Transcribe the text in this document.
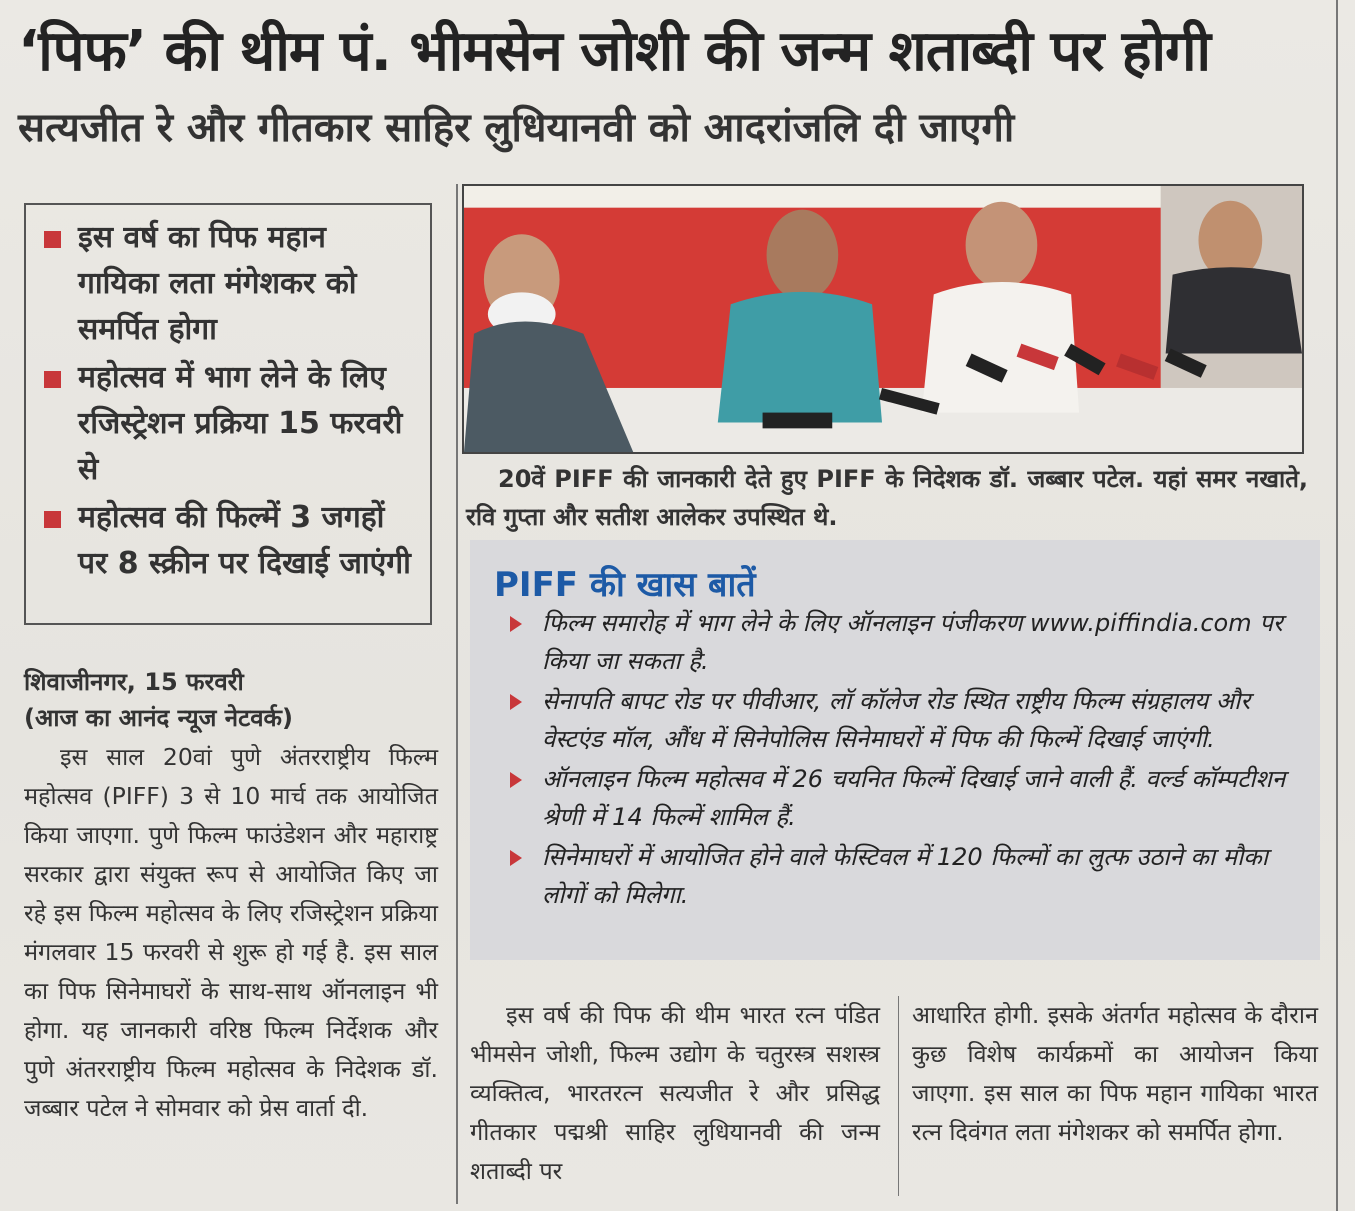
‘पिफ’ की थीम पं. भीमसेन जोशी की जन्म शताब्दी पर होगी
सत्यजीत रे और गीतकार साहिर लुधियानवी को आदरांजलि दी जाएगी
इस वर्ष का पिफ महान गायिका लता मंगेशकर को समर्पित होगा
महोत्सव में भाग लेने के लिए रजिस्ट्रेशन प्रक्रिया 15 फरवरी से
महोत्सव की फिल्में 3 जगहों पर 8 स्क्रीन पर दिखाई जाएंगी

20वें PIFF की जानकारी देते हुए PIFF के निदेशक डॉ. जब्बार पटेल. यहां समर नखाते, रवि गुप्ता और सतीश आलेकर उपस्थित थे.

PIFF की खास बातें
फिल्म समारोह में भाग लेने के लिए ऑनलाइन पंजीकरण www.piffindia.com पर किया जा सकता है.
सेनापति बापट रोड पर पीवीआर, लॉ कॉलेज रोड स्थित राष्ट्रीय फिल्म संग्रहालय और वेस्टएंड मॉल, औंध में सिनेपोलिस सिनेमाघरों में पिफ की फिल्में दिखाई जाएंगी.
ऑनलाइन फिल्म महोत्सव में 26 चयनित फिल्में दिखाई जाने वाली हैं. वर्ल्ड कॉम्पटीशन श्रेणी में 14 फिल्में शामिल हैं.
सिनेमाघरों में आयोजित होने वाले फेस्टिवल में 120 फिल्मों का लुत्फ उठाने का मौका लोगों को मिलेगा.
शिवाजीनगर, 15 फरवरी
(आज का आनंद न्यूज नेटवर्क)

इस साल 20वां पुणे अंतरराष्ट्रीय फिल्म महोत्सव (PIFF) 3 से 10 मार्च तक आयोजित किया जाएगा. पुणे फिल्म फाउंडेशन और महाराष्ट्र सरकार द्वारा संयुक्त रूप से आयोजित किए जा रहे इस फिल्म महोत्सव के लिए रजिस्ट्रेशन प्रक्रिया मंगलवार 15 फरवरी से शुरू हो गई है. इस साल का पिफ सिनेमाघरों के साथ-साथ ऑनलाइन भी होगा. यह जानकारी वरिष्ठ फिल्म निर्देशक और पुणे अंतरराष्ट्रीय फिल्म महोत्सव के निदेशक डॉ. जब्बार पटेल ने सोमवार को प्रेस वार्ता दी.

इस वर्ष की पिफ की थीम भारत रत्न पंडित भीमसेन जोशी, फिल्म उद्योग के चतुरस्त्र सशस्त्र व्यक्तित्व, भारतरत्न सत्यजीत रे और प्रसिद्ध गीतकार पद्मश्री साहिर लुधियानवी की जन्म शताब्दी पर

आधारित होगी. इसके अंतर्गत महोत्सव के दौरान कुछ विशेष कार्यक्रमों का आयोजन किया जाएगा. इस साल का पिफ महान गायिका भारत रत्न दिवंगत लता मंगेशकर को समर्पित होगा.
